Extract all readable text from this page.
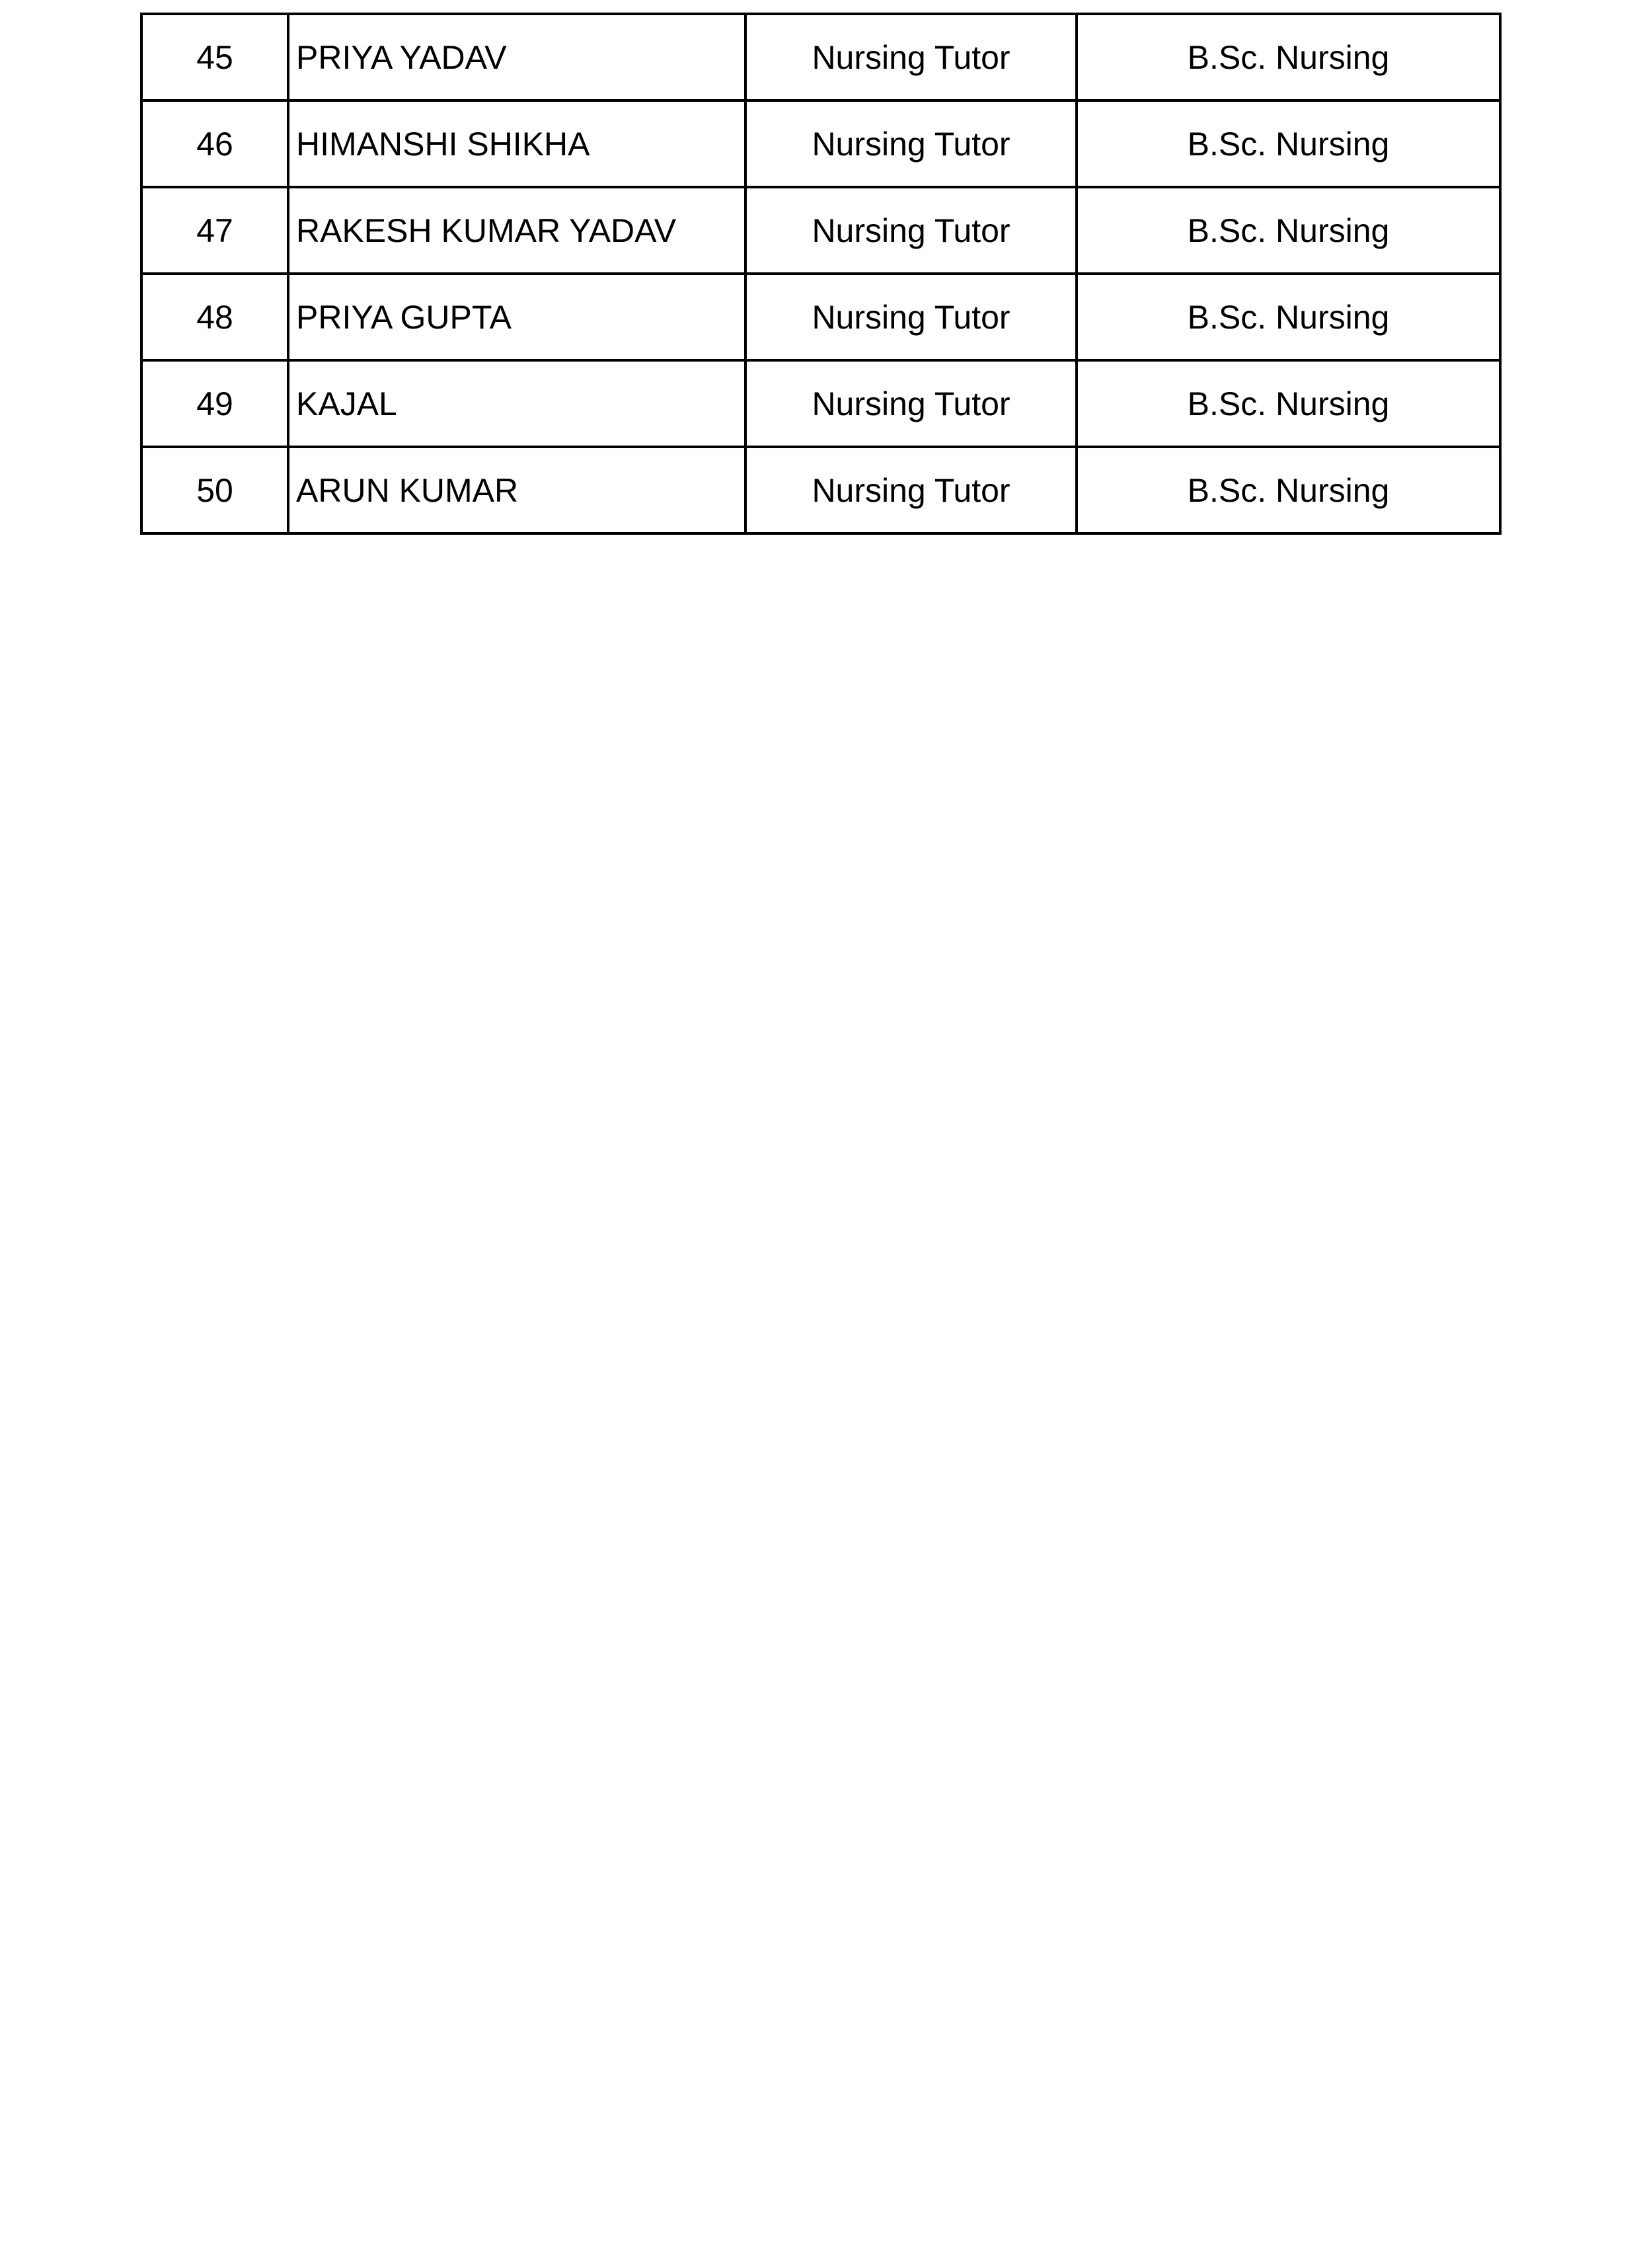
45	PRIYA YADAV	Nursing Tutor	B.Sc. Nursing
46	HIMANSHI SHIKHA	Nursing Tutor	B.Sc. Nursing
47	RAKESH KUMAR YADAV	Nursing Tutor	B.Sc. Nursing
48	PRIYA GUPTA	Nursing Tutor	B.Sc. Nursing
49	KAJAL	Nursing Tutor	B.Sc. Nursing
50	ARUN KUMAR	Nursing Tutor	B.Sc. Nursing
